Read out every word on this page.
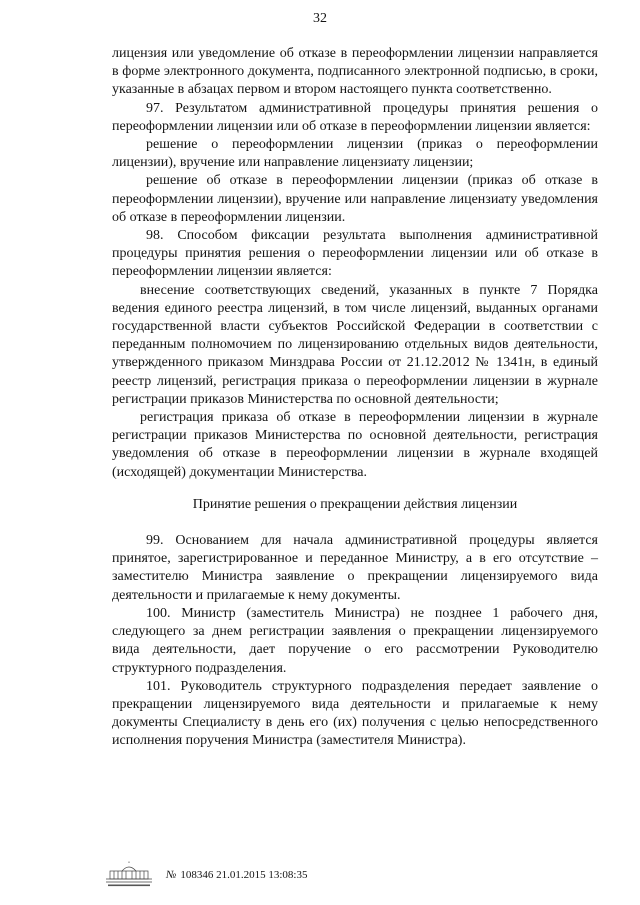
32

лицензия или уведомление об отказе в переоформлении лицензии направляется в форме электронного документа, подписанного электронной подписью, в сроки, указанные в абзацах первом и втором настоящего пункта соответственно.

97. Результатом административной процедуры принятия решения о переоформлении лицензии или об отказе в переоформлении лицензии является:

решение о переоформлении лицензии (приказ о переоформлении лицензии), вручение или направление лицензиату лицензии;

решение об отказе в переоформлении лицензии (приказ об отказе в переоформлении лицензии), вручение или направление лицензиату уведомления об отказе в переоформлении лицензии.

98. Способом фиксации результата выполнения административной процедуры принятия решения о переоформлении лицензии или об отказе в переоформлении лицензии является:

внесение соответствующих сведений, указанных в пункте 7 Порядка ведения единого реестра лицензий, в том числе лицензий, выданных органами государственной власти субъектов Российской Федерации в соответствии с переданным полномочием по лицензированию отдельных видов деятельности, утвержденного приказом Минздрава России от 21.12.2012 № 1341н, в единый реестр лицензий, регистрация приказа о переоформлении лицензии в журнале регистрации приказов Министерства по основной деятельности;

регистрация приказа об отказе в переоформлении лицензии в журнале регистрации приказов Министерства по основной деятельности, регистрация уведомления об отказе в переоформлении лицензии в журнале входящей (исходящей) документации Министерства.

Принятие решения о прекращении действия лицензии

99. Основанием для начала административной процедуры является принятое, зарегистрированное и переданное Министру, а в его отсутствие – заместителю Министра заявление о прекращении лицензируемого вида деятельности и прилагаемые к нему документы.

100. Министр (заместитель Министра) не позднее 1 рабочего дня, следующего за днем регистрации заявления о прекращении лицензируемого вида деятельности, дает поручение о его рассмотрении Руководителю структурного подразделения.

101. Руководитель структурного подразделения передает заявление о прекращении лицензируемого вида деятельности и прилагаемые к нему документы Специалисту в день его (их) получения с целью непосредственного исполнения поручения Министра (заместителя Министра).

№ 108346 21.01.2015 13:08:35
